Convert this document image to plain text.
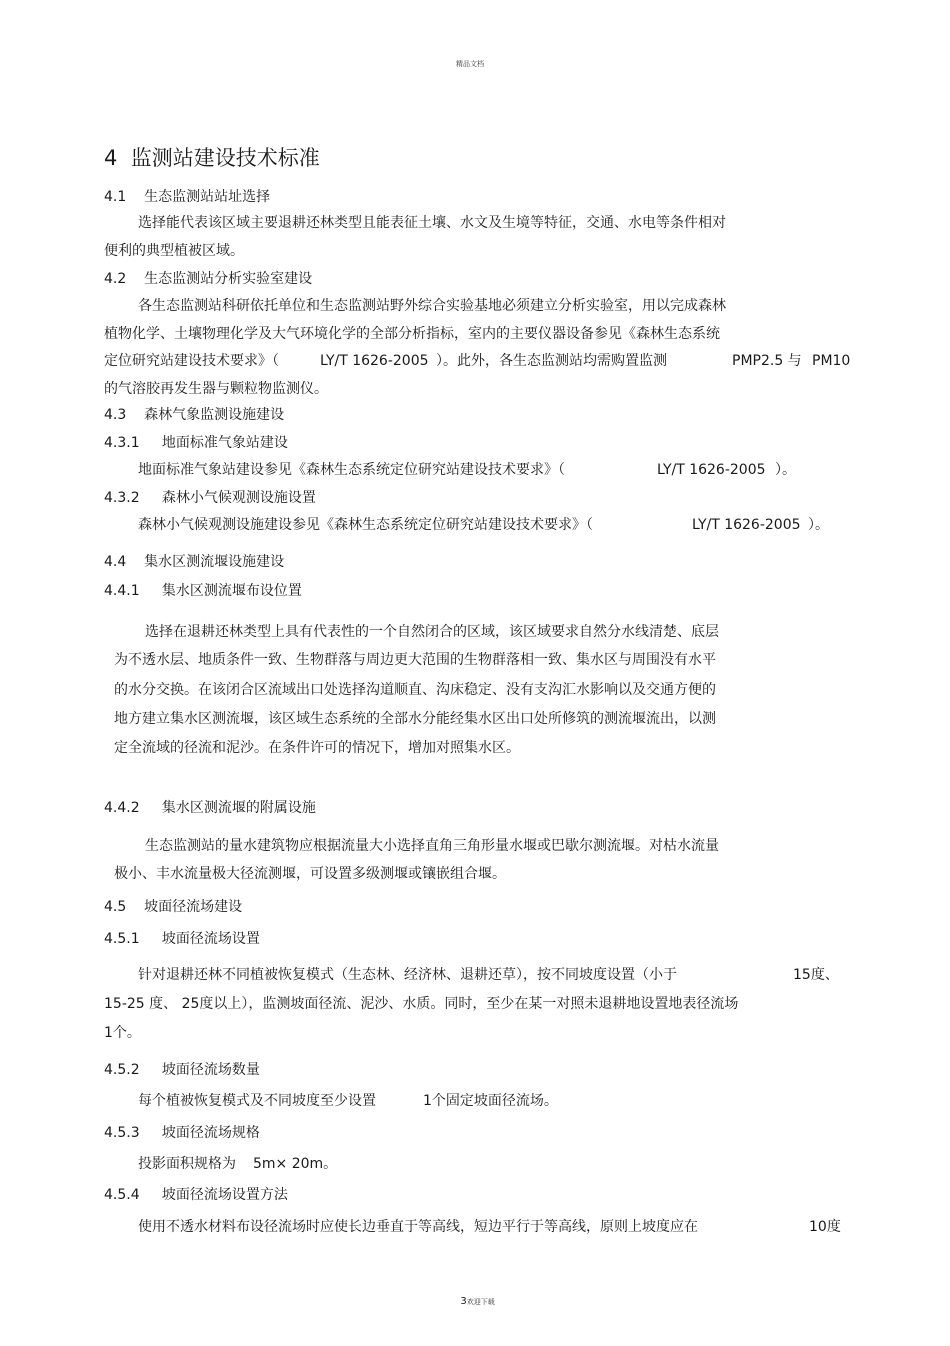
精品文档
4  监测站建设技术标准
4.1    生态监测站站址选择
选择能代表该区域主要退耕还林类型且能表征土壤、水文及生境等特征，交通、水电等条件相对
便利的典型植被区域。
4.2    生态监测站分析实验室建设
各生态监测站科研依托单位和生态监测站野外综合实验基地必须建立分析实验室，用以完成森林
植物化学、土壤物理化学及大气环境化学的全部分析指标，室内的主要仪器设备参见《森林生态系统
定位研究站建设技术要求》（	LY/T 1626-2005 ）。此外，各生态监测站均需购置监测	PMP2.5 与 PM10
的气溶胶再发生器与颗粒物监测仪。
4.3    森林气象监测设施建设
4.3.1     地面标准气象站建设
地面标准气象站建设参见《森林生态系统定位研究站建设技术要求》（	LY/T 1626-2005 ）。
4.3.2     森林小气候观测设施设置
森林小气候观测设施建设参见《森林生态系统定位研究站建设技术要求》（	LY/T 1626-2005 ）。
4.4    集水区测流堰设施建设
4.4.1     集水区测流堰布设位置
选择在退耕还林类型上具有代表性的一个自然闭合的区域，该区域要求自然分水线清楚、底层
为不透水层、地质条件一致、生物群落与周边更大范围的生物群落相一致、集水区与周围没有水平
的水分交换。在该闭合区流域出口处选择沟道顺直、沟床稳定、没有支沟汇水影响以及交通方便的
地方建立集水区测流堰，该区域生态系统的全部水分能经集水区出口处所修筑的测流堰流出，以测
定全流域的径流和泥沙。在条件许可的情况下，增加对照集水区。
4.4.2     集水区测流堰的附属设施
生态监测站的量水建筑物应根据流量大小选择直角三角形量水堰或巴歇尔测流堰。对枯水流量
极小、丰水流量极大径流测堰，可设置多级测堰或镶嵌组合堰。
4.5    坡面径流场建设
4.5.1     坡面径流场设置
针对退耕还林不同植被恢复模式（生态林、经济林、退耕还草），按不同坡度设置（小于	15度、
15-25 度、 25度以上），监测坡面径流、泥沙、水质。同时，至少在某一对照未退耕地设置地表径流场
1个。
4.5.2     坡面径流场数量
每个植被恢复模式及不同坡度至少设置	1个固定坡面径流场。
4.5.3     坡面径流场规格
投影面积规格为 5m× 20m。
4.5.4     坡面径流场设置方法
使用不透水材料布设径流场时应使长边垂直于等高线，短边平行于等高线，原则上坡度应在	10度

3欢迎下载
